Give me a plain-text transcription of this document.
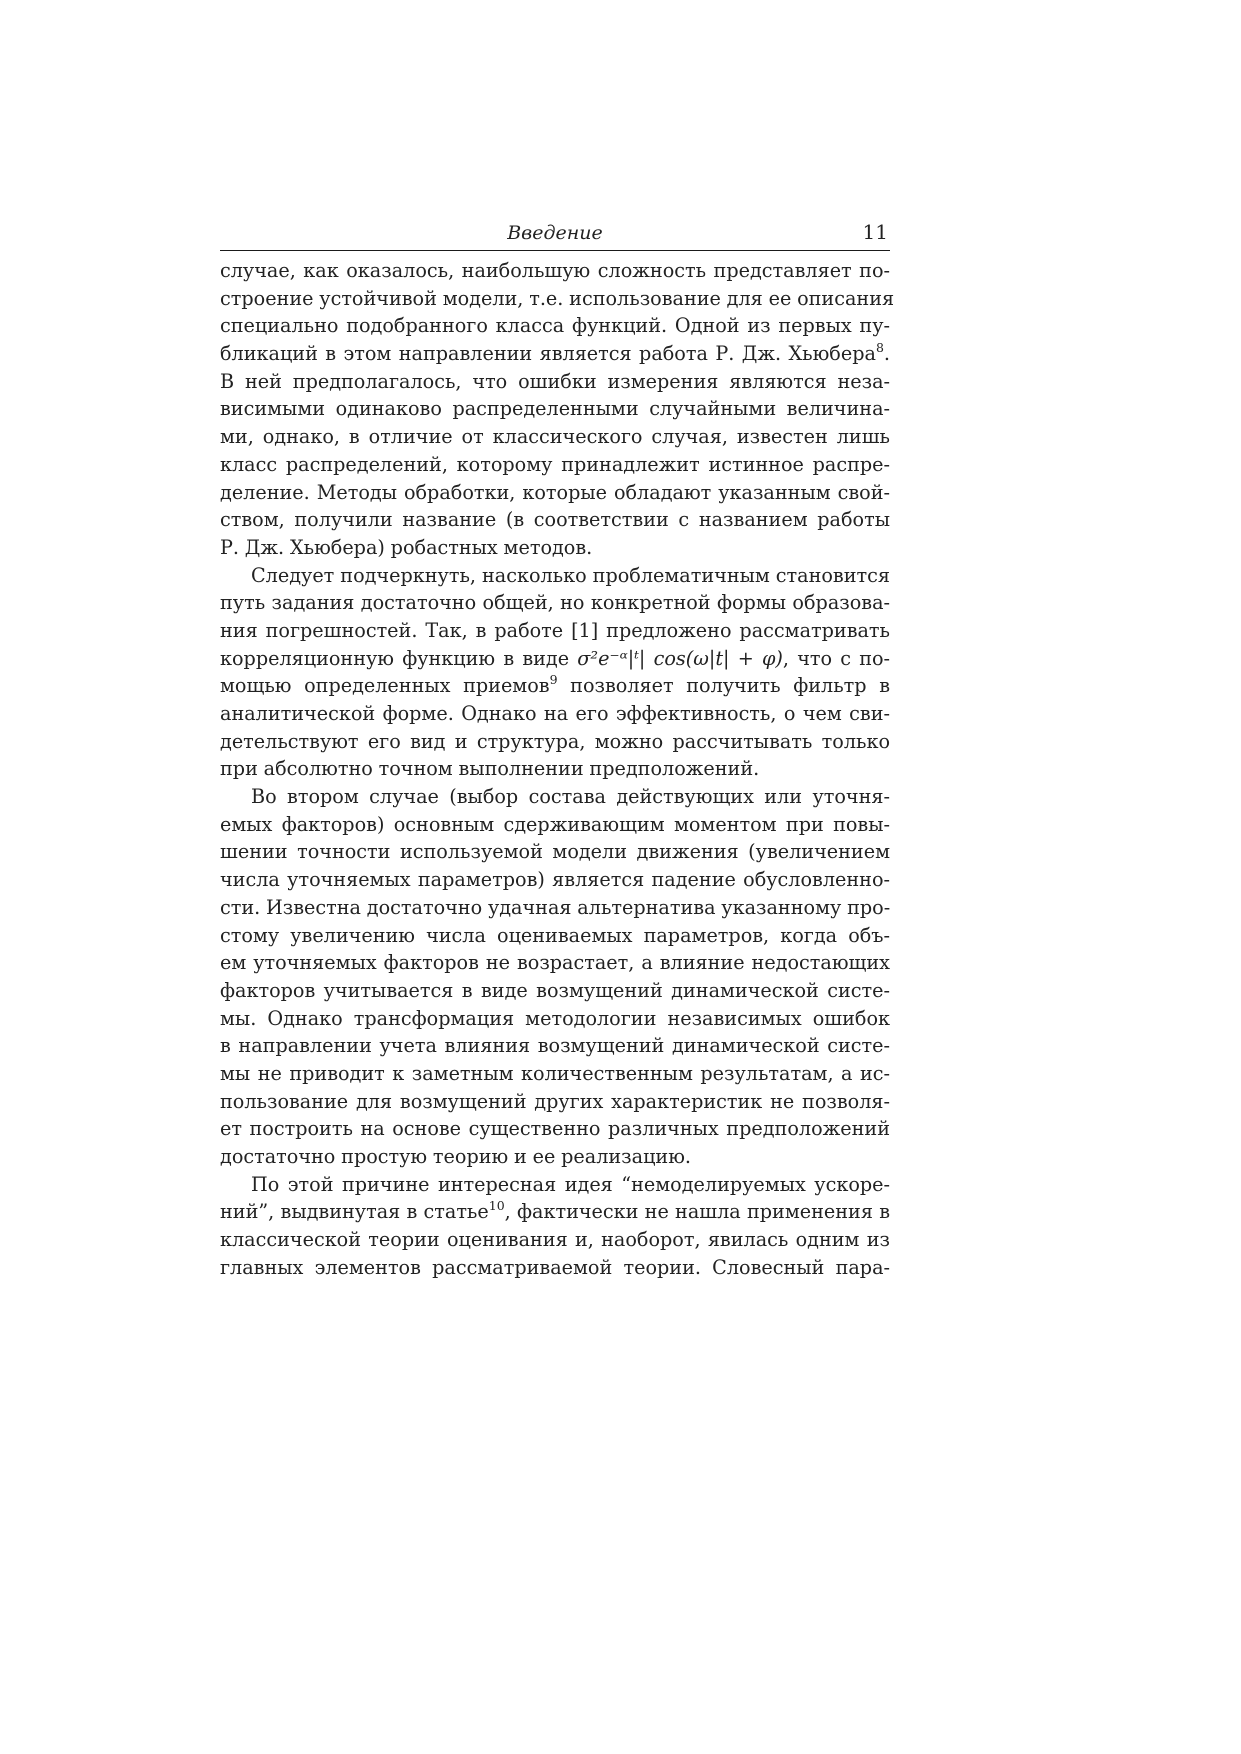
Введение	11

случае, как оказалось, наибольшую сложность представляет по-
строение устойчивой модели, т.е. использование для ее описания
специально подобранного класса функций. Одной из первых пу-
бликаций в этом направлении является работа Р. Дж. Хьюбера$^8$.
В ней предполагалось, что ошибки измерения являются неза-
висимыми одинаково распределенными случайными величина-
ми, однако, в отличие от классического случая, известен лишь
класс распределений, которому принадлежит истинное распре-
деление. Методы обработки, которые обладают указанным свой-
ством, получили название (в соответствии с названием работы
Р. Дж. Хьюбера) робастных методов.

Следует подчеркнуть, насколько проблематичным становится
путь задания достаточно общей, но конкретной формы образова-
ния погрешностей. Так, в работе [1] предложено рассматривать
корреляционную функцию в виде σ²e⁻ᵅ|ᵗ| cos(ω|t| + φ), что с по-
мощью определенных приемов$^9$ позволяет получить фильтр в
аналитической форме. Однако на его эффективность, о чем сви-
детельствуют его вид и структура, можно рассчитывать только
при абсолютно точном выполнении предположений.

Во втором случае (выбор состава действующих или уточня-
емых факторов) основным сдерживающим моментом при повы-
шении точности используемой модели движения (увеличением
числа уточняемых параметров) является падение обусловленно-
сти. Известна достаточно удачная альтернатива указанному про-
стому увеличению числа оцениваемых параметров, когда объ-
ем уточняемых факторов не возрастает, а влияние недостающих
факторов учитывается в виде возмущений динамической систе-
мы. Однако трансформация методологии независимых ошибок
в направлении учета влияния возмущений динамической систе-
мы не приводит к заметным количественным результатам, а ис-
пользование для возмущений других характеристик не позволя-
ет построить на основе существенно различных предположений
достаточно простую теорию и ее реализацию.

По этой причине интересная идея “немоделируемых ускоре-
ний”, выдвинутая в статье$^{10}$, фактически не нашла применения в
классической теории оценивания и, наоборот, явилась одним из
главных элементов рассматриваемой теории. Словесный пара-
